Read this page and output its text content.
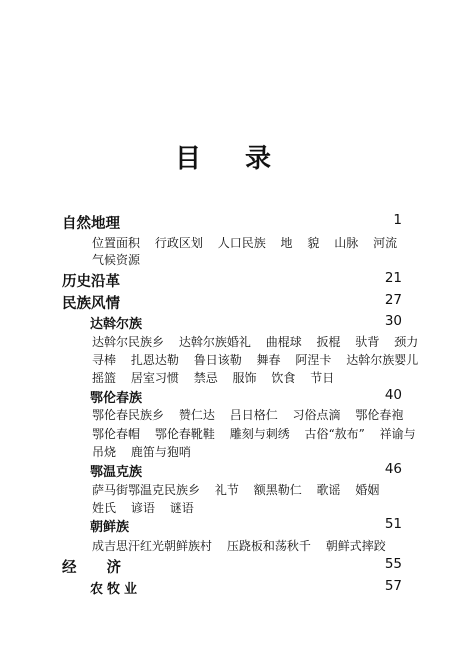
目 录
自然地理	1
位置面积 行政区划 人口民族 地 貌 山脉 河流
气候资源
历史沿革	21
民族风情	27
达斡尔族	30
达斡尔民族乡 达斡尔族婚礼 曲棍球 扳棍 驮背 颈力
寻棒 扎恩达勒 鲁日该勒 舞春 阿涅卡 达斡尔族婴儿
摇篮 居室习惯 禁忌 服饰 饮食 节日
鄂伦春族	40
鄂伦春民族乡 赞仁达 吕日格仁 习俗点滴 鄂伦春袍
鄂伦春帽 鄂伦春靴鞋 雕刻与刺绣 古俗“敖布” 祥谕与
吊烧 鹿笛与狍哨
鄂温克族	46
萨马街鄂温克民族乡 礼节 额黑勒仁 歌谣 婚姻
姓氏 谚语 谜语
朝鲜族	51
成吉思汗红光朝鲜族村 压跷板和荡秋千 朝鲜式摔跤
经济	55
农牧业	57
